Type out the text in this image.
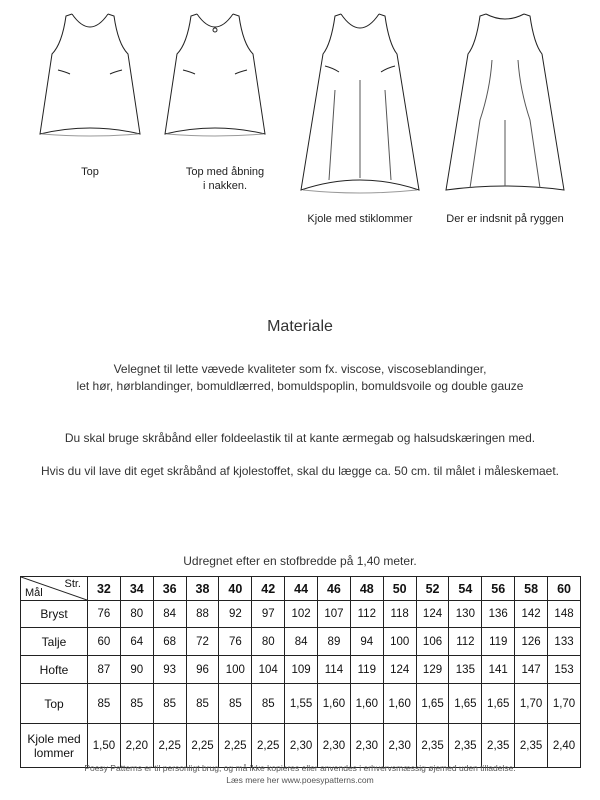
Top	Top med åbning
i nakken.
Kjole med stiklommer	Der er indsnit på ryggen
Materiale
Velegnet til lette vævede kvaliteter som fx. viscose, viscoseblandinger,
let hør, hørblandinger, bomuldlærred, bomuldspoplin, bomuldsvoile og double gauze
Du skal bruge skråbånd eller foldeelastik til at kante ærmegab og halsudskæringen med.
Hvis du vil lave dit eget skråbånd af kjolestoffet, skal du lægge ca. 50 cm. til målet i måleskemaet.
Udregnet efter en stofbredde på 1,40 meter.
Str.
Mål	32	34	36	38	40	42	44	46	48	50	52	54	56	58	60
Bryst	76	80	84	88	92	97	102	107	112	118	124	130	136	142	148
Talje	60	64	68	72	76	80	84	89	94	100	106	112	119	126	133
Hofte	87	90	93	96	100	104	109	114	119	124	129	135	141	147	153
Top	85	85	85	85	85	85	1,55	1,60	1,60	1,60	1,65	1,65	1,65	1,70	1,70

Kjole med
lommer	1,50	2,20	2,25	2,25	2,25	2,25	2,30	2,30	2,30	2,30	2,35	2,35	2,35	2,35	2,40
Poesy Patterns er til personligt brug, og må ikke kopieres eller anvendes i erhvervsmæssig øjemed uden tilladelse.
Læs mere her www.poesypatterns.com
